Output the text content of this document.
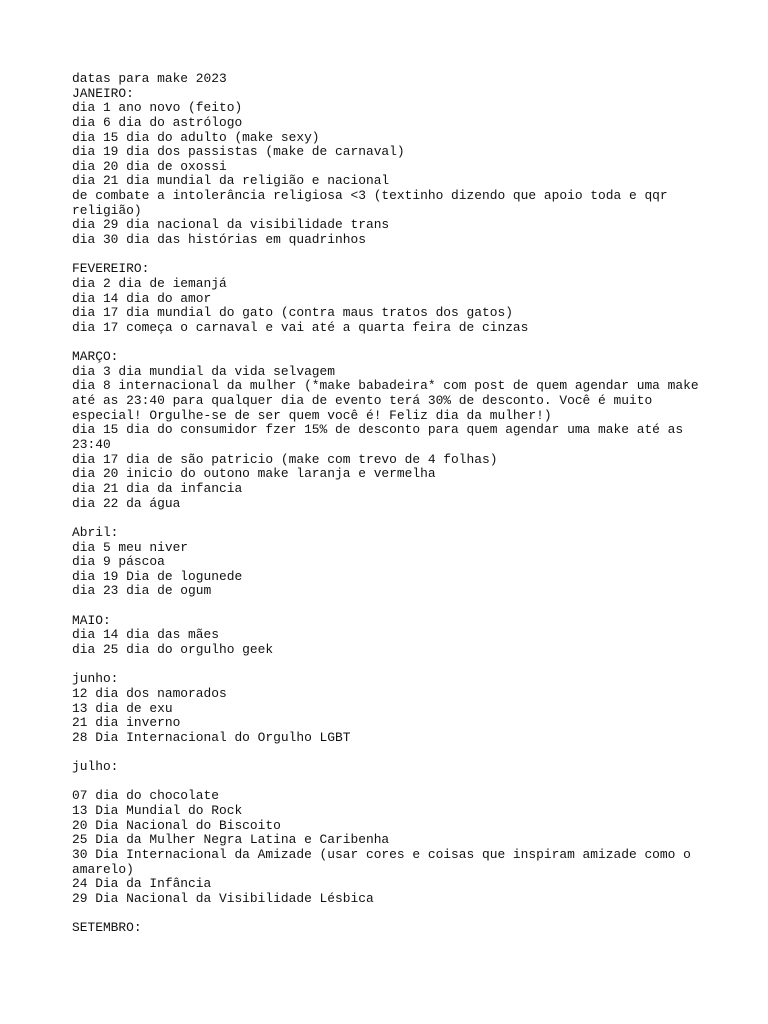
datas para make 2023
JANEIRO:
dia 1 ano novo (feito)
dia 6 dia do astrólogo
dia 15 dia do adulto (make sexy)
dia 19 dia dos passistas (make de carnaval)
dia 20 dia de oxossi
dia 21 dia mundial da religião e nacional
de combate a intolerância religiosa <3 (textinho dizendo que apoio toda e qqr
religião)
dia 29 dia nacional da visibilidade trans
dia 30 dia das histórias em quadrinhos
FEVEREIRO:
dia 2 dia de iemanjá
dia 14 dia do amor
dia 17 dia mundial do gato (contra maus tratos dos gatos)
dia 17 começa o carnaval e vai até a quarta feira de cinzas
MARÇO:
dia 3 dia mundial da vida selvagem
dia 8 internacional da mulher (*make babadeira* com post de quem agendar uma make
até as 23:40 para qualquer dia de evento terá 30% de desconto. Você é muito
especial! Orgulhe-se de ser quem você é! Feliz dia da mulher!)
dia 15 dia do consumidor fzer 15% de desconto para quem agendar uma make até as
23:40
dia 17 dia de são patricio (make com trevo de 4 folhas)
dia 20 inicio do outono make laranja e vermelha
dia 21 dia da infancia
dia 22 da água
Abril:
dia 5 meu niver
dia 9 páscoa
dia 19 Dia de logunede
dia 23 dia de ogum
MAIO:
dia 14 dia das mães
dia 25 dia do orgulho geek
junho:
12 dia dos namorados
13 dia de exu
21 dia inverno
28 Dia Internacional do Orgulho LGBT
julho:
07 dia do chocolate
13 Dia Mundial do Rock
20 Dia Nacional do Biscoito
25 Dia da Mulher Negra Latina e Caribenha
30 Dia Internacional da Amizade (usar cores e coisas que inspiram amizade como o
amarelo)
24 Dia da Infância
29 Dia Nacional da Visibilidade Lésbica
SETEMBRO:
